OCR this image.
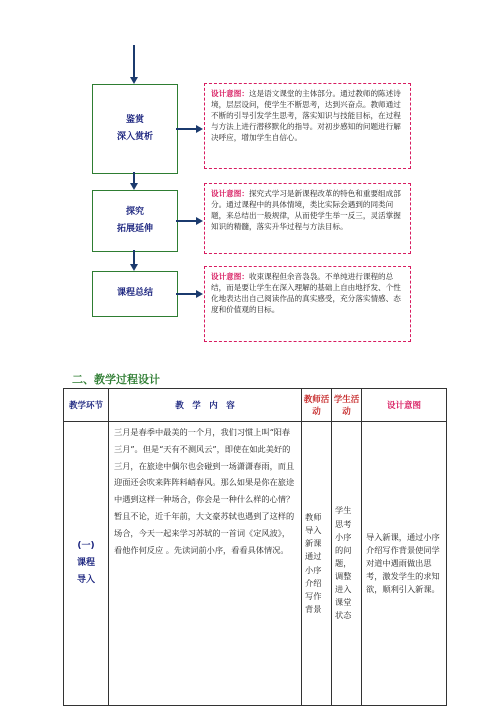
鉴赏
深入赏析
探究
拓展延伸
课程总结
设计意图：这是语文课堂的主体部分。通过教师的陈述诗境，层层设问，使学生不断思考，达到兴奋点。教师通过不断的引导引发学生思考，落实知识与技能目标，在过程与方法上进行潜移默化的指导。对初步感知的问题进行解决呼应，增加学生自信心。
设计意图：探究式学习是新课程改革的特色和重要组成部分。通过课程中的具体情境，类比实际会遇到的同类问题，来总结出一般规律，从而使学生举一反三，灵活掌握知识的精髓，落实升华过程与方法目标。
设计意图：收束课程但余音袅袅。不单纯进行课程的总结，而是要让学生在深入理解的基础上自由地抒发、个性化地表达出自己阅读作品的真实感受，充分落实情感、态度和价值观的目标。
二、教学过程设计
教学环节	教　学　内　容	教师活动	学生活动	设计意图

(一)
课程
导入	三月是春季中最美的一个月，我们习惯上叫“阳春三月”。但是“天有不测风云”，即使在如此美好的三月，在旅途中偶尔也会碰到一场潇潇春雨，而且迎面还会吹来阵阵料峭春风。那么如果是你在旅途中遇到这样一种场合，你会是一种什么样的心情？暂且不论，近千年前，大文豪苏轼也遇到了这样的场合，今天一起来学习苏轼的一首词《定风波》，看他作何反应 。先读词前小序，看看具体情况。	教师导入新课通过小序介绍写作背景	学生思考小序的问题，调整进入课堂状态	导入新课，通过小序介绍写作背景使同学对道中遇雨做出思考，激发学生的求知欲，顺利引入新课。
